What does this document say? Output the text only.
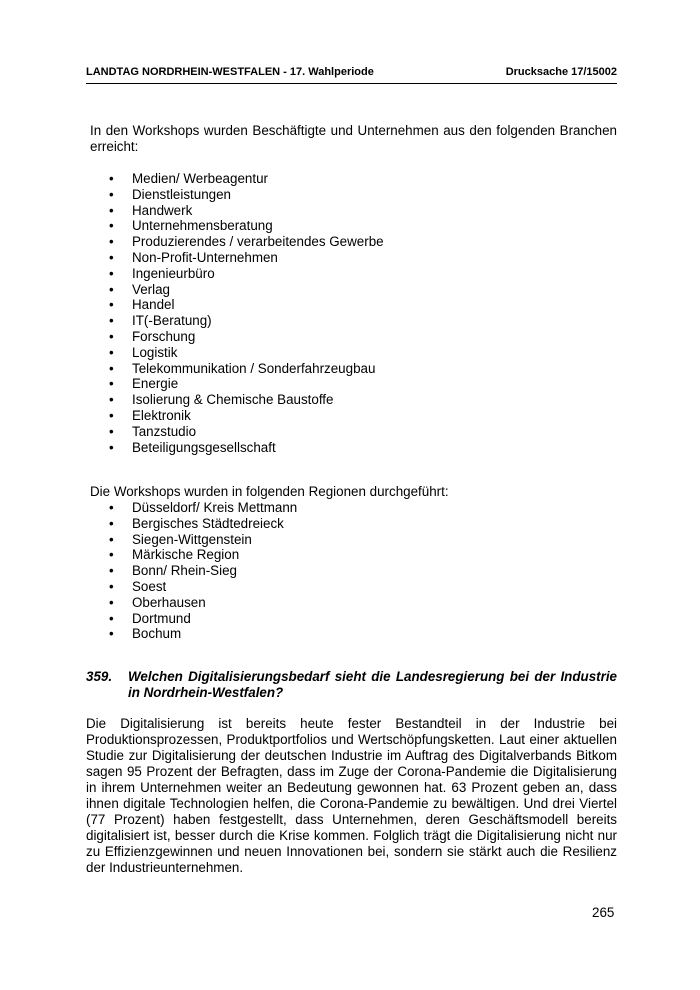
LANDTAG NORDRHEIN-WESTFALEN - 17. Wahlperiode	Drucksache 17/15002

In den Workshops wurden Beschäftigte und Unternehmen aus den folgenden Branchen erreicht:

• Medien/ Werbeagentur
• Dienstleistungen
• Handwerk
• Unternehmensberatung
• Produzierendes / verarbeitendes Gewerbe
• Non-Profit-Unternehmen
• Ingenieurbüro
• Verlag
• Handel
• IT(-Beratung)
• Forschung
• Logistik
• Telekommunikation / Sonderfahrzeugbau
• Energie
• Isolierung & Chemische Baustoffe
• Elektronik
• Tanzstudio
• Beteiligungsgesellschaft

Die Workshops wurden in folgenden Regionen durchgeführt:

• Düsseldorf/ Kreis Mettmann
• Bergisches Städtedreieck
• Siegen-Wittgenstein
• Märkische Region
• Bonn/ Rhein-Sieg
• Soest
• Oberhausen
• Dortmund
• Bochum
359. Welchen Digitalisierungsbedarf sieht die Landesregierung bei der Industrie in Nordrhein-Westfalen?

Die Digitalisierung ist bereits heute fester Bestandteil in der Industrie bei Produktionsprozessen, Produktportfolios und Wertschöpfungsketten. Laut einer aktuellen Studie zur Digitalisierung der deutschen Industrie im Auftrag des Digitalverbands Bitkom sagen 95 Prozent der Befragten, dass im Zuge der Corona-Pandemie die Digitalisierung in ihrem Unternehmen weiter an Bedeutung gewonnen hat. 63 Prozent geben an, dass ihnen digitale Technologien helfen, die Corona-Pandemie zu bewältigen. Und drei Viertel (77 Prozent) haben festgestellt, dass Unternehmen, deren Geschäftsmodell bereits digitalisiert ist, besser durch die Krise kommen. Folglich trägt die Digitalisierung nicht nur zu Effizienzgewinnen und neuen Innovationen bei, sondern sie stärkt auch die Resilienz der Industrieunternehmen.

265
